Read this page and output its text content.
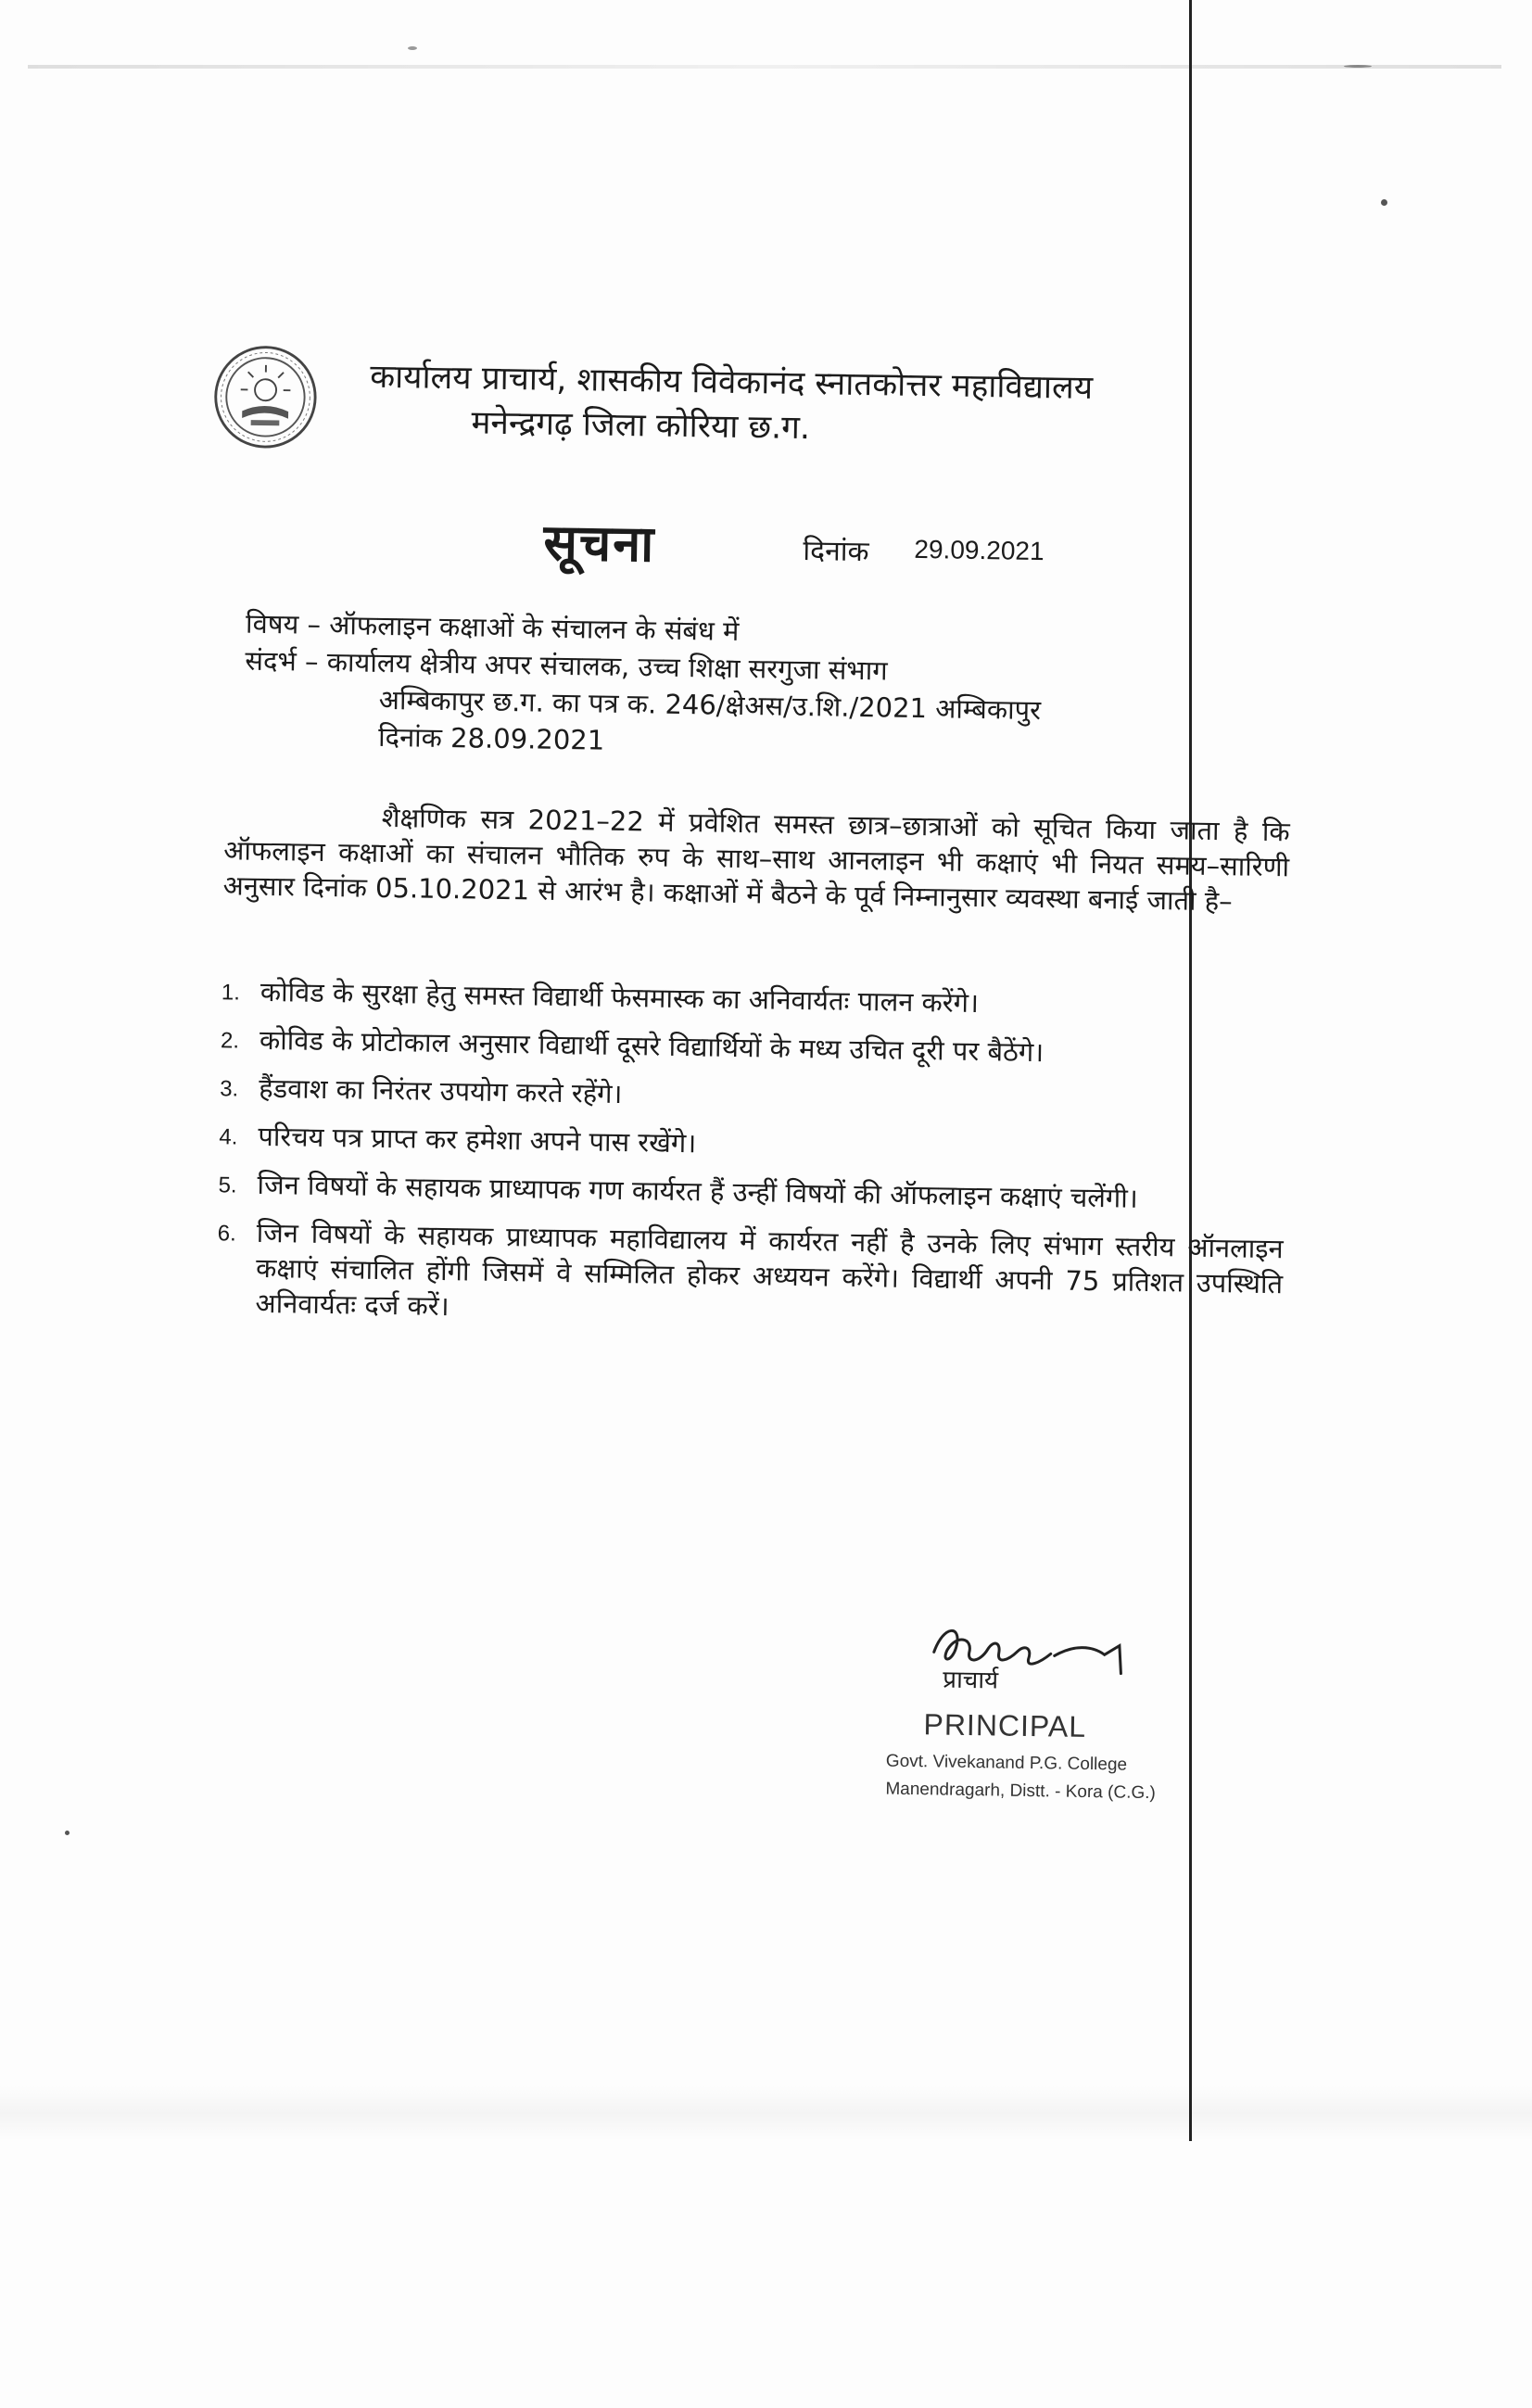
कार्यालय प्राचार्य, शासकीय विवेकानंद स्नातकोत्तर महाविद्यालय
मनेन्द्रगढ़ जिला कोरिया छ.ग.
सूचना	दिनांक 29.09.2021
विषय – ऑफलाइन कक्षाओं के संचालन के संबंध में
संदर्भ – कार्यालय क्षेत्रीय अपर संचालक, उच्च शिक्षा सरगुजा संभाग
अम्बिकापुर छ.ग. का पत्र क. 246/क्षेअस/उ.शि./2021 अम्बिकापुर
दिनांक 28.09.2021
शैक्षणिक सत्र 2021–22 में प्रवेशित समस्त छात्र–छात्राओं को सूचित किया जाता है कि ऑफलाइन कक्षाओं का संचालन भौतिक रुप के साथ–साथ आनलाइन भी कक्षाएं भी नियत समय–सारिणी अनुसार दिनांक 05.10.2021 से आरंभ है। कक्षाओं में बैठने के पूर्व निम्नानुसार व्यवस्था बनाई जाती है–
1. कोविड के सुरक्षा हेतु समस्त विद्यार्थी फेसमास्क का अनिवार्यतः पालन करेंगे।
2. कोविड के प्रोटोकाल अनुसार विद्यार्थी दूसरे विद्यार्थियों के मध्य उचित दूरी पर बैठेंगे।
3. हैंडवाश का निरंतर उपयोग करते रहेंगे।
4. परिचय पत्र प्राप्त कर हमेशा अपने पास रखेंगे।
5. जिन विषयों के सहायक प्राध्यापक गण कार्यरत हैं उन्हीं विषयों की ऑफलाइन कक्षाएं चलेंगी।
6. जिन विषयों के सहायक प्राध्यापक महाविद्यालय में कार्यरत नहीं है उनके लिए संभाग स्तरीय ऑनलाइन कक्षाएं संचालित होंगी जिसमें वे सम्मिलित होकर अध्ययन करेंगे। विद्यार्थी अपनी 75 प्रतिशत उपस्थिति अनिवार्यतः दर्ज करें।
प्राचार्य
PRINCIPAL
Govt. Vivekanand P.G. College
Manendragarh, Distt. - Kora (C.G.)
